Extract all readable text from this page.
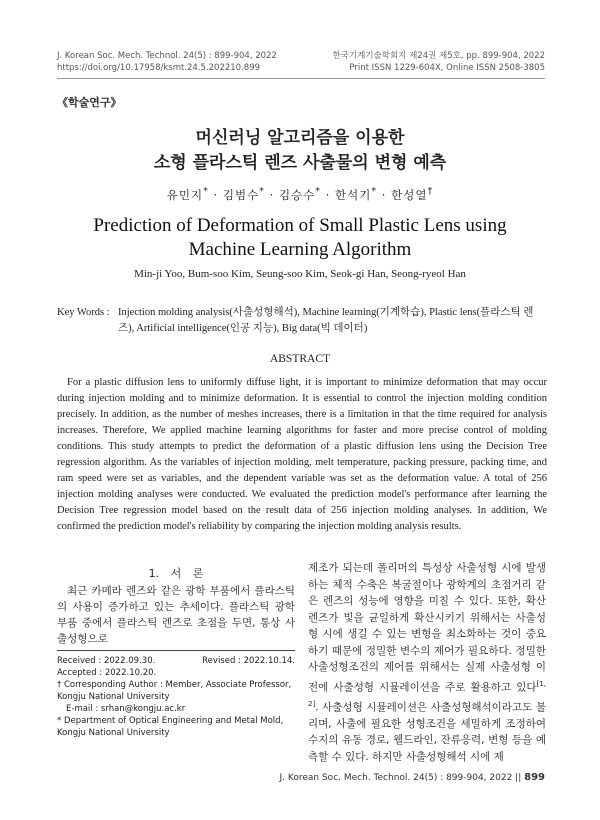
J. Korean Soc. Mech. Technol. 24(5) : 899-904, 2022
https://doi.org/10.17958/ksmt.24.5.202210.899
한국기계기술학회지 제24권 제5호, pp. 899-904, 2022
Print ISSN 1229-604X, Online ISSN 2508-3805
《학술연구》
머신러닝 알고리즘을 이용한
소형 플라스틱 렌즈 사출물의 변형 예측
유민지* · 김범수* · 김승수* · 한석기* · 한성열†
Prediction of Deformation of Small Plastic Lens using
Machine Learning Algorithm
Min-ji Yoo, Bum-soo Kim, Seung-soo Kim, Seok-gi Han, Seong-ryeol Han
Key Words : Injection molding analysis(사출성형해석), Machine learning(기계학습), Plastic lens(플라스틱 렌즈), Artificial intelligence(인공 지능), Big data(빅 데이터)
ABSTRACT
For a plastic diffusion lens to uniformly diffuse light, it is important to minimize deformation that may occur during injection molding and to minimize deformation. It is essential to control the injection molding condition precisely. In addition, as the number of meshes increases, there is a limitation in that the time required for analysis increases. Therefore, We applied machine learning algorithms for faster and more precise control of molding conditions. This study attempts to predict the deformation of a plastic diffusion lens using the Decision Tree regression algorithm. As the variables of injection molding, melt temperature, packing pressure, packing time, and ram speed were set as variables, and the dependent variable was set as the deformation value. A total of 256 injection molding analyses were conducted. We evaluated the prediction model's performance after learning the Decision Tree regression model based on the result data of 256 injection molding analyses. In addition, We confirmed the prediction model's reliability by comparing the injection molding analysis results.
1. 서 론
최근 카메라 렌즈와 같은 광학 부품에서 플라스틱의 사용이 증가하고 있는 추세이다. 플라스틱 광학 부품 중에서 플라스틱 렌즈로 초점을 두면, 통상 사출성형으로
Received : 2022.09.30.	Revised : 2022.10.14.
Accepted : 2022.10.20.
† Corresponding Author : Member, Associate Professor, Kongju National University
E-mail : srhan@kongju.ac.kr
* Department of Optical Engineering and Metal Mold, Kongju National University
제조가 되는데 폴리머의 특성상 사출성형 시에 발생하는 체적 수축은 복굴절이나 광학계의 초점거리 같은 렌즈의 성능에 영향을 미칠 수 있다. 또한, 확산 렌즈가 빛을 균일하게 확산시키기 위해서는 사출성형 시에 생길 수 있는 변형을 최소화하는 것이 중요하기 때문에 정밀한 변수의 제어가 필요하다. 정밀한 사출성형조건의 제어를 위해서는 실제 사출성형 이전에 사출성형 시뮬레이션을 주로 활용하고 있다[1, 2]. 사출성형 시뮬레이션은 사출성형해석이라고도 불리며, 사출에 필요한 성형조건을 세밀하게 조정하여 수지의 유동 경로, 웰드라인, 잔류응력, 변형 등을 예측할 수 있다. 하지만 사출성형해석 시에 제
J. Korean Soc. Mech. Technol. 24(5) : 899-904, 2022 || 899
